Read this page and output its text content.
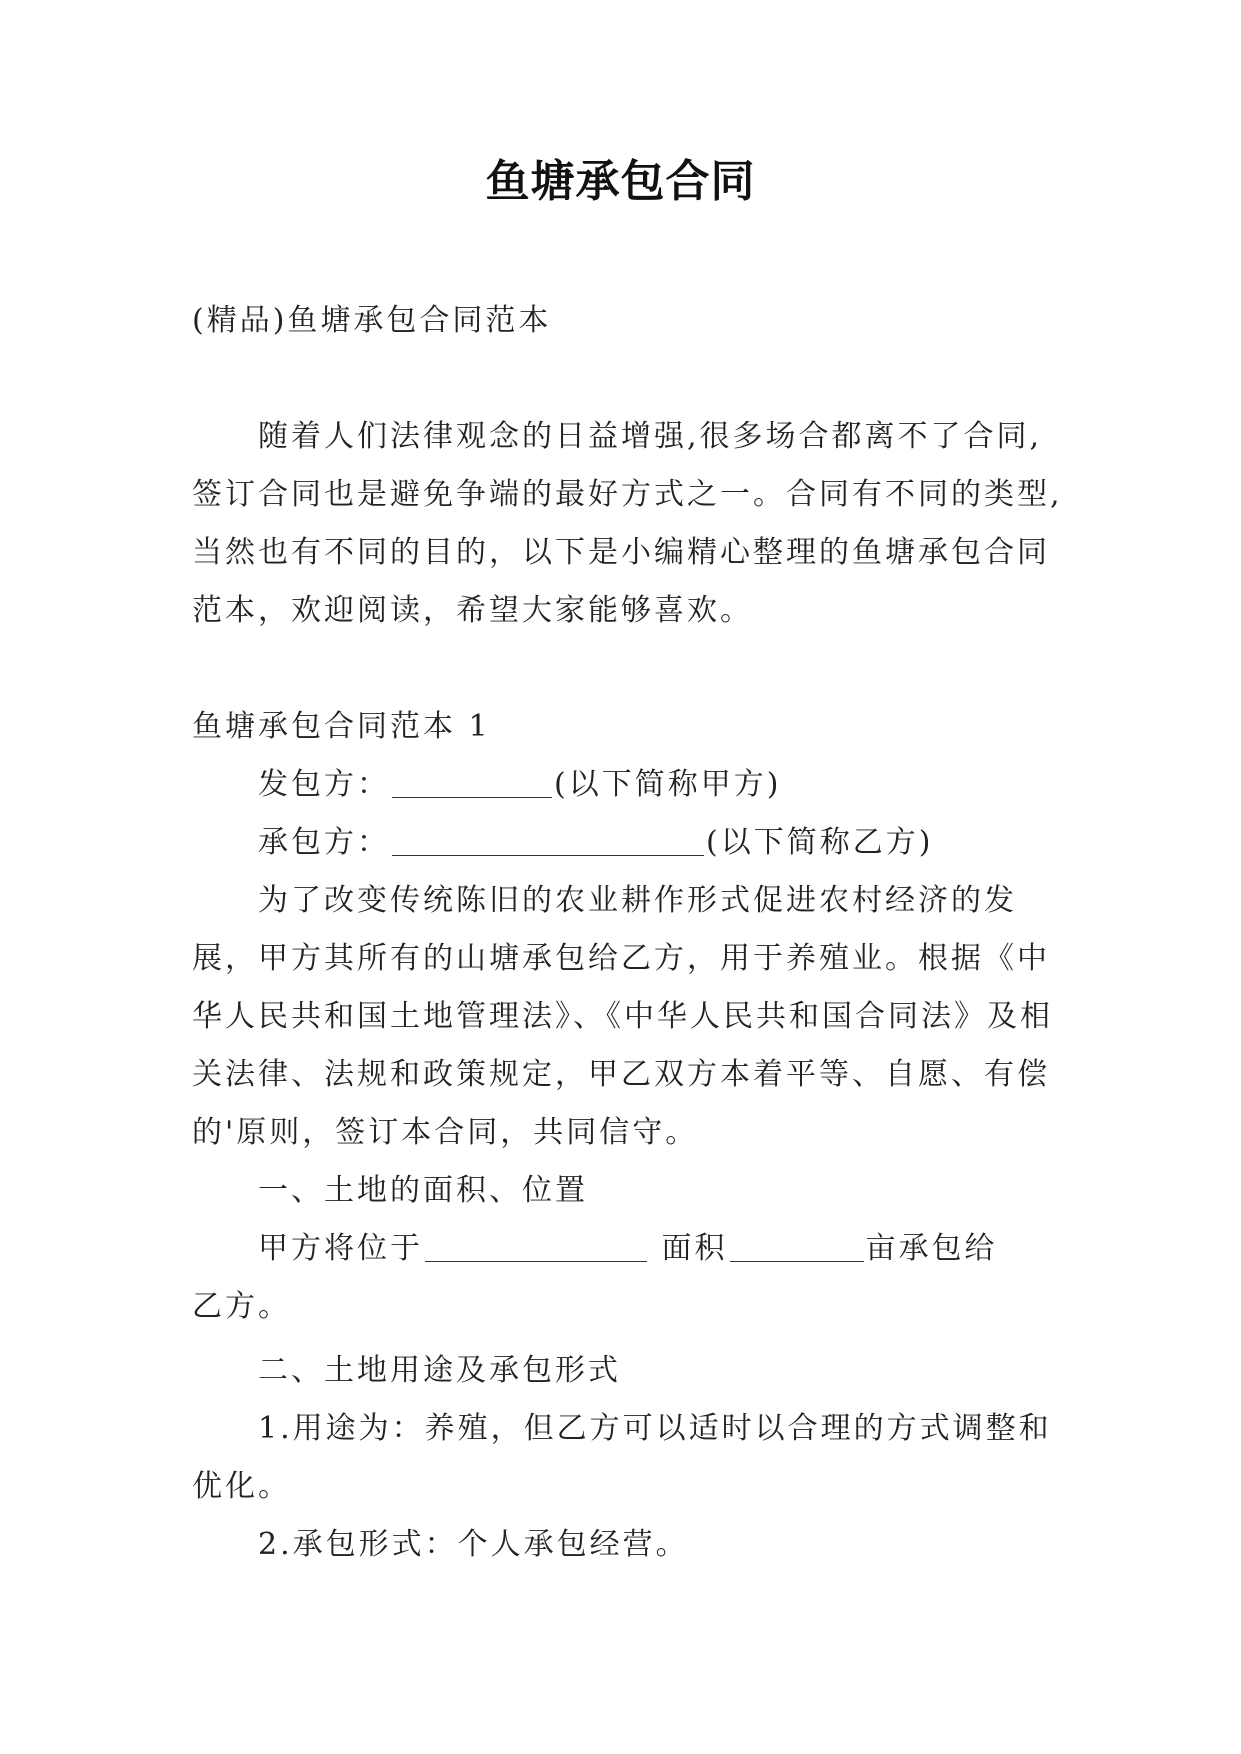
鱼塘承包合同

(精品)鱼塘承包合同范本

随着人们法律观念的日益增强,很多场合都离不了合同,

签订合同也是避免争端的最好方式之一。合同有不同的类型,

当然也有不同的目的，以下是小编精心整理的鱼塘承包合同

范本，欢迎阅读，希望大家能够喜欢。

鱼塘承包合同范本 1

发包方：	(以下简称甲方)

承包方：	(以下简称乙方)

为了改变传统陈旧的农业耕作形式促进农村经济的发

展，甲方其所有的山塘承包给乙方，用于养殖业。根据《中

华人民共和国土地管理法》、《中华人民共和国合同法》及相

关法律、法规和政策规定，甲乙双方本着平等、自愿、有偿

的'原则，签订本合同，共同信守。

一、土地的面积、位置

甲方将位于	面积	亩承包给

乙方。

二、土地用途及承包形式

1.用途为：养殖，但乙方可以适时以合理的方式调整和

优化。

2.承包形式：个人承包经营。
